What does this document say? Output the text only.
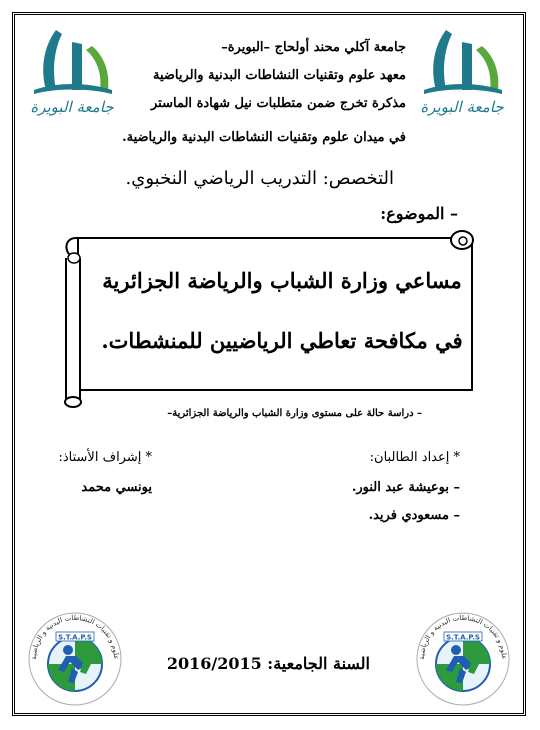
جامعة البويرة	جامعة البويرة
جامعة آكلي محند أولحاج –البويرة–
معهد علوم وتقنيات النشاطات البدنية والرياضية
مذكرة تخرج ضمن متطلبات نيل شهادة الماستر
في ميدان علوم وتقنيات النشاطات البدنية والرياضية.
التخصص: التدريب الرياضي النخبوي.
– الموضوع:
مساعي وزارة الشباب والرياضة الجزائرية
في مكافحة تعاطي الرياضيين للمنشطات.
– دراسة حالة على مستوى وزارة الشباب والرياضة الجزائرية–
* إعداد الطالبان:
– بوعيشة عبد النور.
– مسعودي فريد.
* إشراف الأستاذ:
يونسي محمد
السنة الجامعية: 2016/2015
S.T.A.P.S
علوم و تقنيات النشاطات البدنية و الرياضية
S.T.A.P.S
علوم و تقنيات النشاطات البدنية و الرياضية
